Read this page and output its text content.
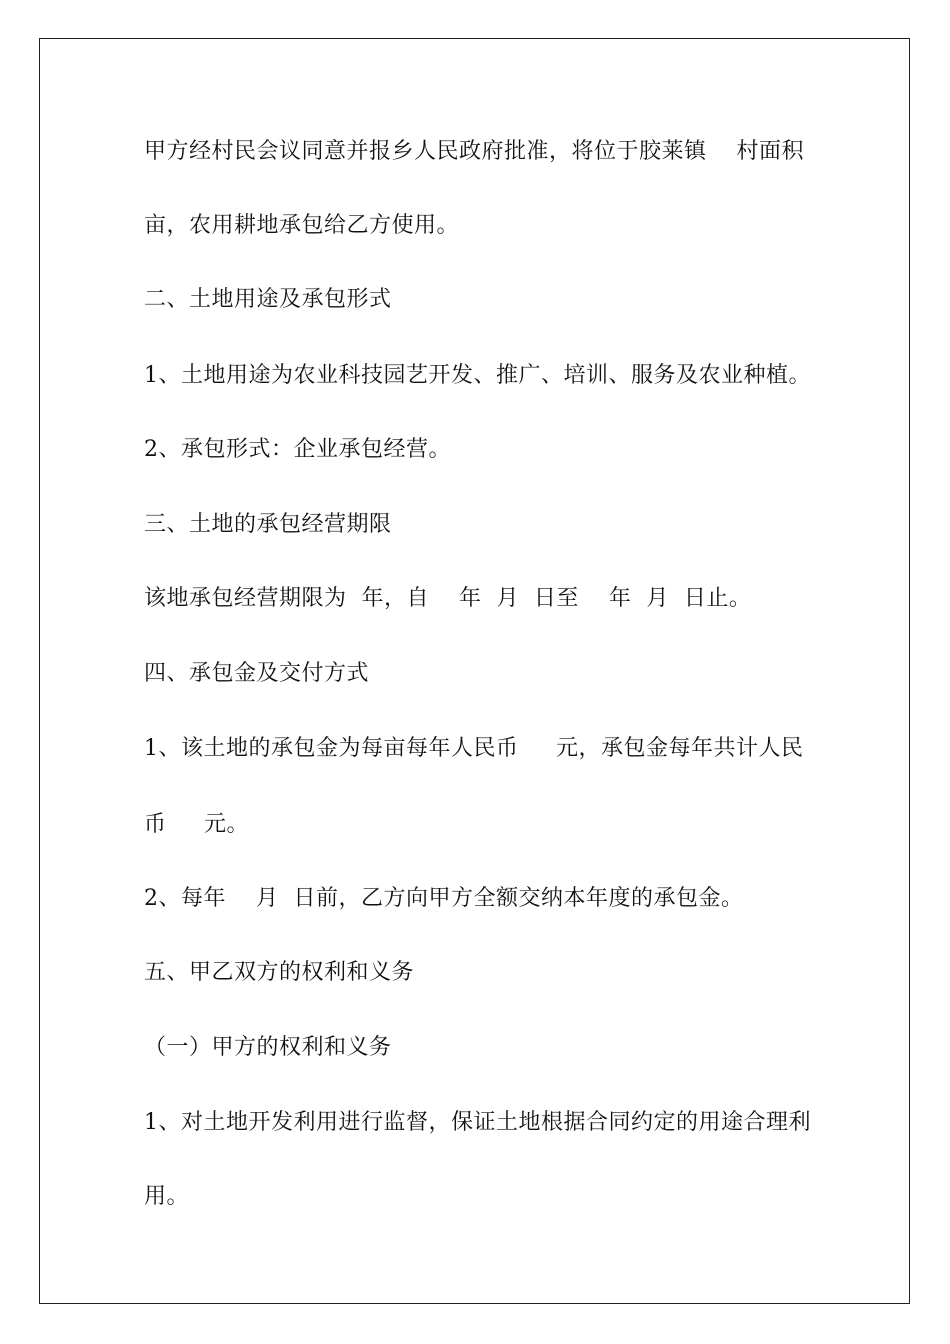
甲方经村民会议同意并报乡人民政府批准，将位于胶莱镇    村面积
亩，农用耕地承包给乙方使用。
二、土地用途及承包形式
1、土地用途为农业科技园艺开发、推广、培训、服务及农业种植。
2、承包形式：企业承包经营。
三、土地的承包经营期限
该地承包经营期限为  年，自    年  月  日至    年  月  日止。
四、承包金及交付方式
1、该土地的承包金为每亩每年人民币     元，承包金每年共计人民
币     元。
2、每年    月  日前，乙方向甲方全额交纳本年度的承包金。
五、甲乙双方的权利和义务
（一）甲方的权利和义务
1、对土地开发利用进行监督，保证土地根据合同约定的用途合理利
用。
